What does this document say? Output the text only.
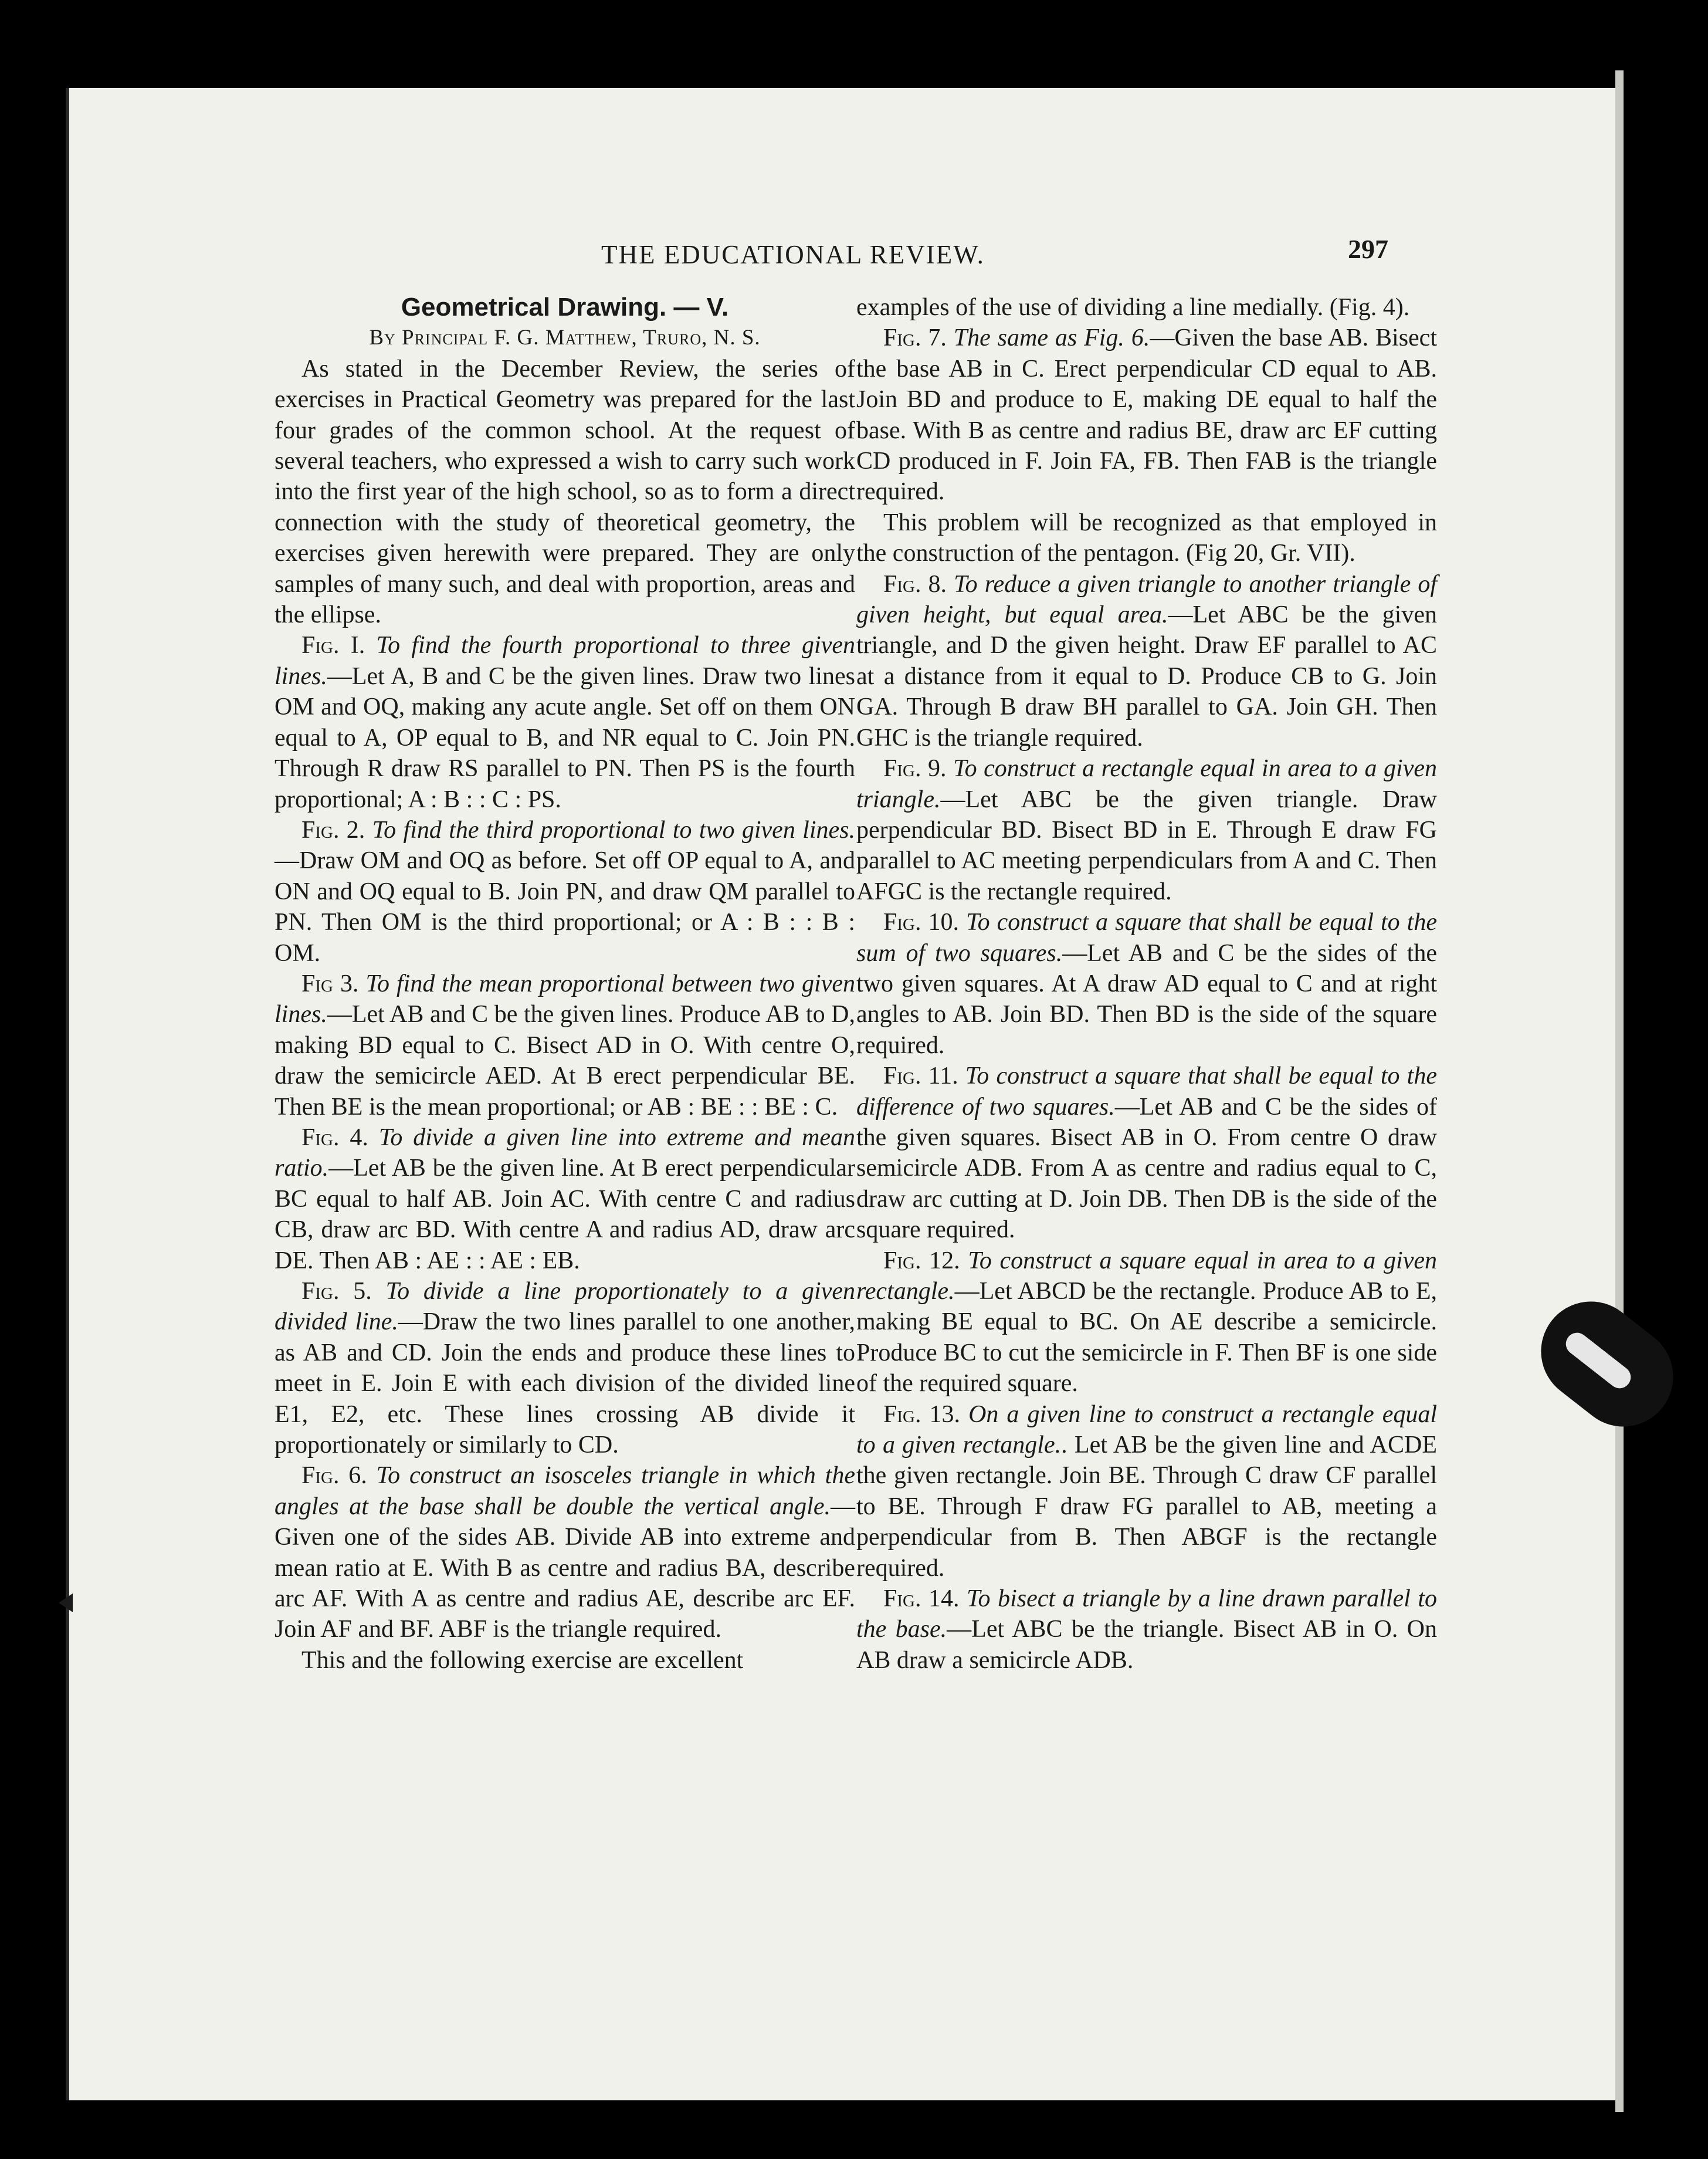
THE EDUCATIONAL REVIEW.	297

Geometrical Drawing. — V.

By Principal F. G. Matthew, Truro, N. S.

As stated in the December Review, the series of exercises in Practical Geometry was prepared for the last four grades of the common school. At the request of several teachers, who expressed a wish to carry such work into the first year of the high school, so as to form a direct connection with the study of theoretical geometry, the exercises given herewith were prepared. They are only samples of many such, and deal with proportion, areas and the ellipse.

Fig. I. To find the fourth proportional to three given lines.—Let A, B and C be the given lines. Draw two lines OM and OQ, making any acute angle. Set off on them ON equal to A, OP equal to B, and NR equal to C. Join PN. Through R draw RS parallel to PN. Then PS is the fourth proportional; A : B : : C : PS.

Fig. 2. To find the third proportional to two given lines.—Draw OM and OQ as before. Set off OP equal to A, and ON and OQ equal to B. Join PN, and draw QM parallel to PN. Then OM is the third proportional; or A : B : : B : OM.

Fig 3. To find the mean proportional between two given lines.—Let AB and C be the given lines. Produce AB to D, making BD equal to C. Bisect AD in O. With centre O, draw the semicircle AED. At B erect perpendicular BE. Then BE is the mean proportional; or AB : BE : : BE : C.

Fig. 4. To divide a given line into extreme and mean ratio.—Let AB be the given line. At B erect perpendicular BC equal to half AB. Join AC. With centre C and radius CB, draw arc BD. With centre A and radius AD, draw arc DE. Then AB : AE : : AE : EB.

Fig. 5. To divide a line proportionately to a given divided line.—Draw the two lines parallel to one another, as AB and CD. Join the ends and produce these lines to meet in E. Join E with each division of the divided line E1, E2, etc. These lines crossing AB divide it proportionately or similarly to CD.

Fig. 6. To construct an isosceles triangle in which the angles at the base shall be double the vertical angle.—Given one of the sides AB. Divide AB into extreme and mean ratio at E. With B as centre and radius BA, describe arc AF. With A as centre and radius AE, describe arc EF. Join AF and BF. ABF is the triangle required.

This and the following exercise are excellent

examples of the use of dividing a line medially. (Fig. 4).

Fig. 7. The same as Fig. 6.—Given the base AB. Bisect the base AB in C. Erect perpendicular CD equal to AB. Join BD and produce to E, making DE equal to half the base. With B as centre and radius BE, draw arc EF cutting CD produced in F. Join FA, FB. Then FAB is the triangle required.

This problem will be recognized as that employed in the construction of the pentagon. (Fig 20, Gr. VII).

Fig. 8. To reduce a given triangle to another triangle of given height, but equal area.—Let ABC be the given triangle, and D the given height. Draw EF parallel to AC at a distance from it equal to D. Produce CB to G. Join GA. Through B draw BH parallel to GA. Join GH. Then GHC is the triangle required.

Fig. 9. To construct a rectangle equal in area to a given triangle.—Let ABC be the given triangle. Draw perpendicular BD. Bisect BD in E. Through E draw FG parallel to AC meeting perpendiculars from A and C. Then AFGC is the rectangle required.

Fig. 10. To construct a square that shall be equal to the sum of two squares.—Let AB and C be the sides of the two given squares. At A draw AD equal to C and at right angles to AB. Join BD. Then BD is the side of the square required.

Fig. 11. To construct a square that shall be equal to the difference of two squares.—Let AB and C be the sides of the given squares. Bisect AB in O. From centre O draw semicircle ADB. From A as centre and radius equal to C, draw arc cutting at D. Join DB. Then DB is the side of the square required.

Fig. 12. To construct a square equal in area to a given rectangle.—Let ABCD be the rectangle. Produce AB to E, making BE equal to BC. On AE describe a semicircle. Produce BC to cut the semicircle in F. Then BF is one side of the required square.

Fig. 13. On a given line to construct a rectangle equal to a given rectangle.. Let AB be the given line and ACDE the given rectangle. Join BE. Through C draw CF parallel to BE. Through F draw FG parallel to AB, meeting a perpendicular from B. Then ABGF is the rectangle required.

Fig. 14. To bisect a triangle by a line drawn parallel to the base.—Let ABC be the triangle. Bisect AB in O. On AB draw a semicircle ADB.
